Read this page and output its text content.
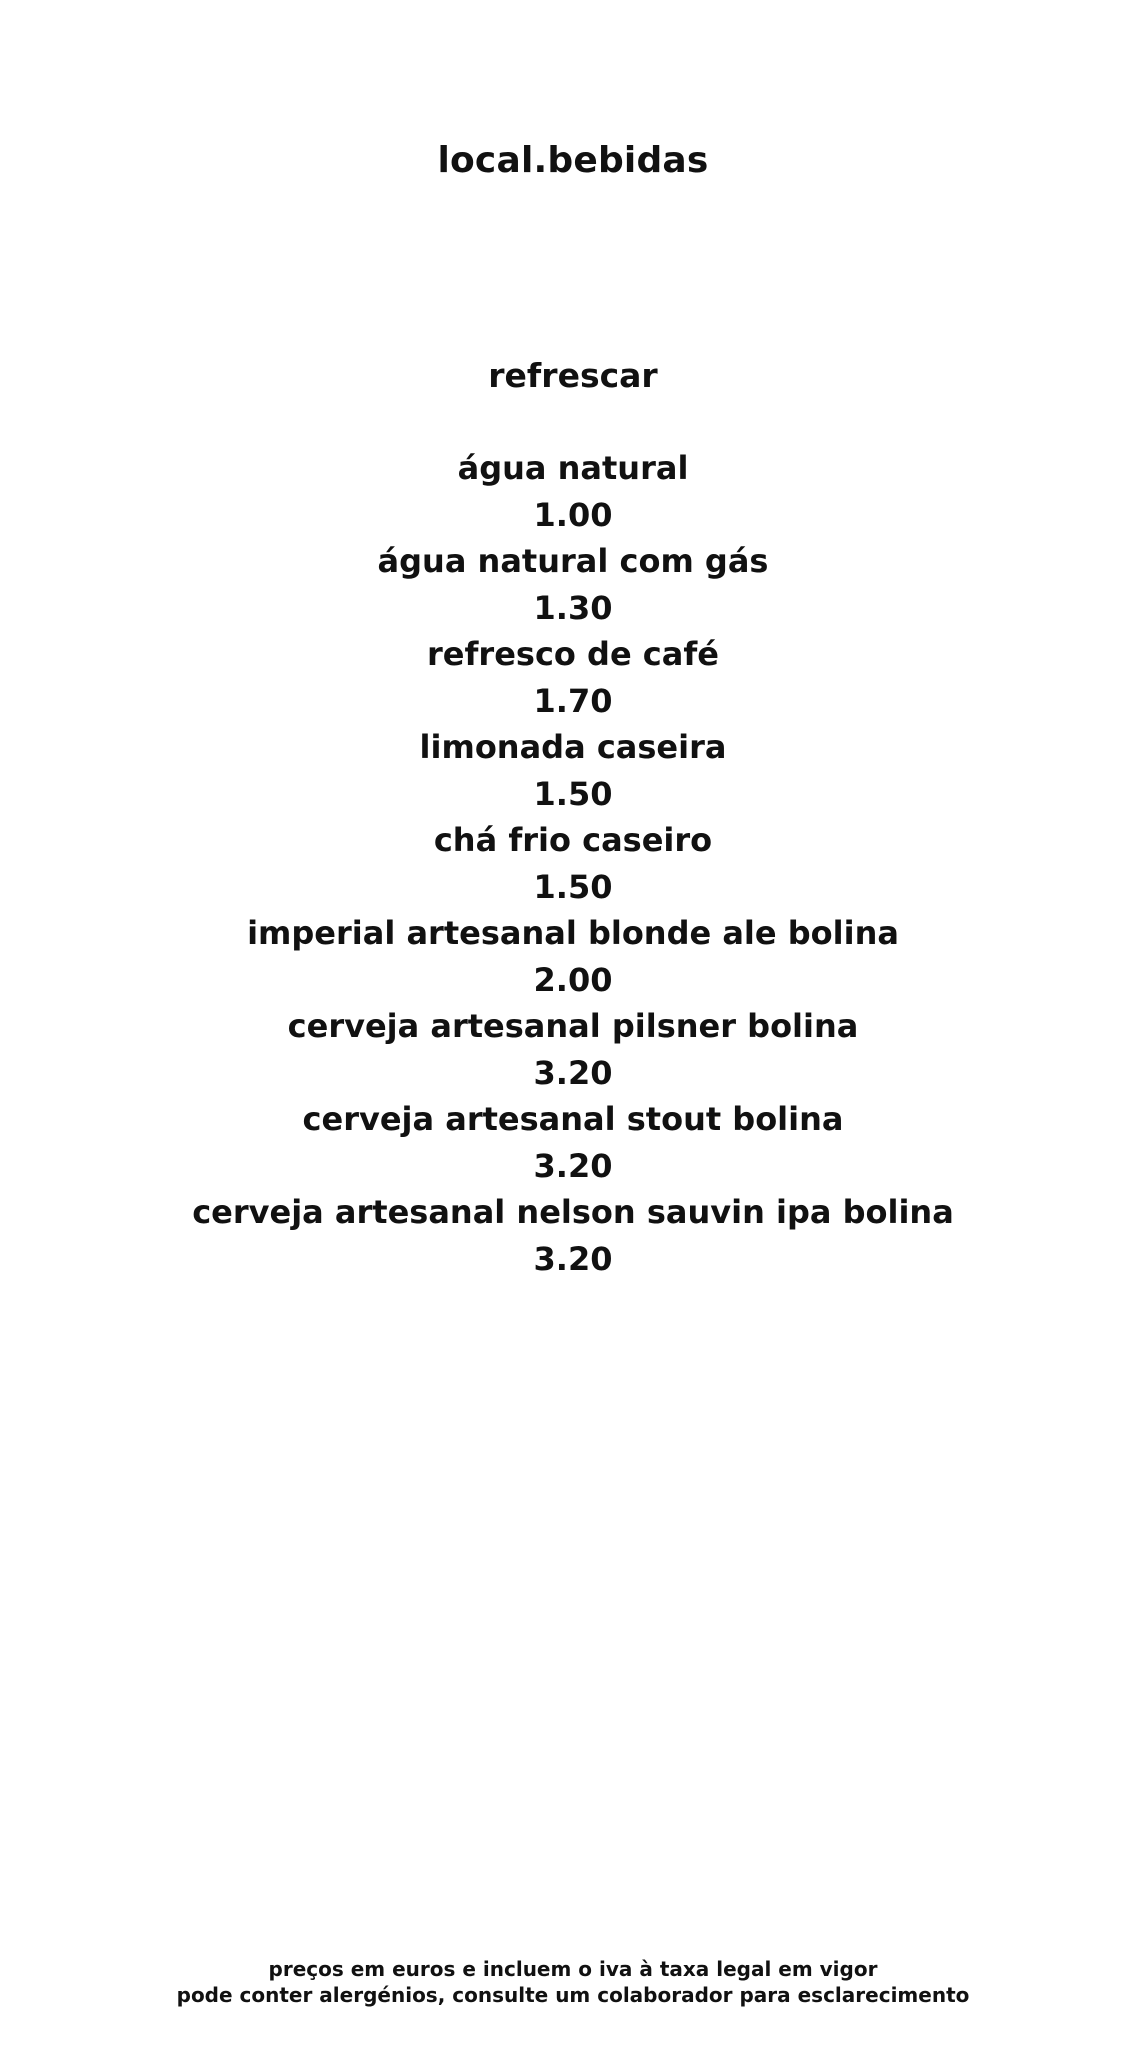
local.bebidas
refrescar
água natural
1.00
água natural com gás
1.30
refresco de café
1.70
limonada caseira
1.50
chá frio caseiro
1.50
imperial artesanal blonde ale bolina
2.00
cerveja artesanal pilsner bolina
3.20
cerveja artesanal stout bolina
3.20
cerveja artesanal nelson sauvin ipa bolina
3.20
preços em euros e incluem o iva à taxa legal em vigor
pode conter alergénios, consulte um colaborador para esclarecimento
